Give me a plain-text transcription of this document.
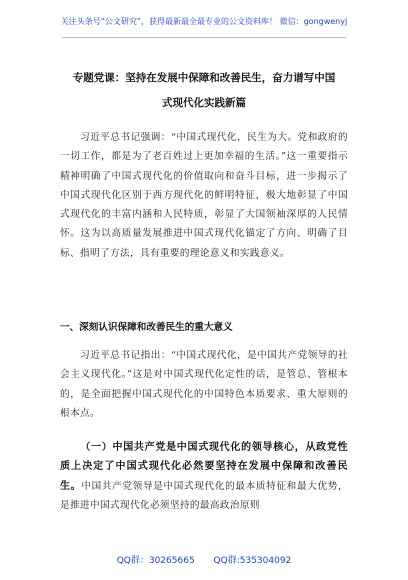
关注头条号“公文研究”，获得最新最全最专业的公文资料库！ 微信：gongwenyj
专题党课：坚持在发展中保障和改善民生，奋力谱写中国
式现代化实践新篇
习近平总书记强调：“中国式现代化，民生为大。党和政府的一切工作，都是为了老百姓过上更加幸福的生活。”这一重要指示精神明确了中国式现代化的价值取向和奋斗目标，进一步揭示了中国式现代化区别于西方现代化的鲜明特征，极大地彰显了中国式现代化的丰富内涵和人民特质，彰显了大国领袖深厚的人民情怀。这为以高质量发展推进中国式现代化锚定了方向、明确了目标、指明了方法，具有重要的理论意义和实践意义。
一、深刻认识保障和改善民生的重大意义
习近平总书记指出：“中国式现代化，是中国共产党领导的社会主义现代化。”这是对中国式现代化定性的话，是管总、管根本的，是全面把握中国式现代化的中国特色本质要求、重大原则的根本点。
（一）中国共产党是中国式现代化的领导核心，从政党性质上决定了中国式现代化必然要坚持在发展中保障和改善民生。中国共产党领导是中国式现代化的最本质特征和最大优势，是推进中国式现代化必须坚持的最高政治原则
QQ群：30265665 QQ群:535304092
